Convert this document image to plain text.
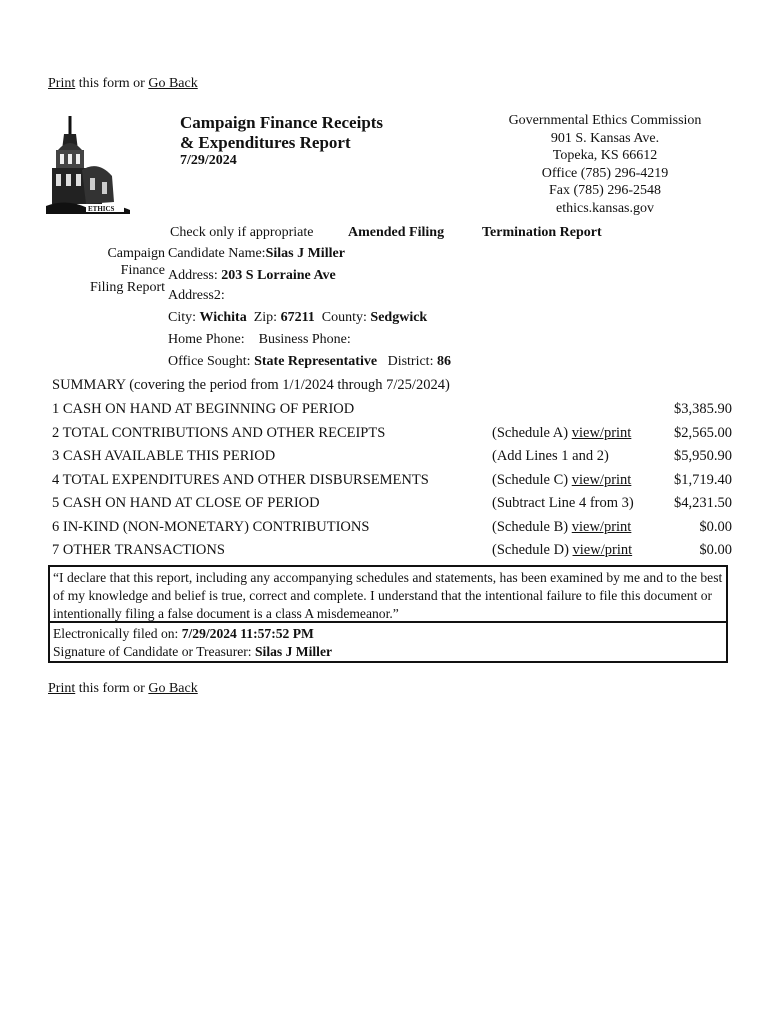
Print this form or Go Back
ETHICS
Campaign Finance Receipts
& Expenditures Report
7/29/2024
Governmental Ethics Commission
901 S. Kansas Ave.
Topeka, KS 66612
Office (785) 296-4219
Fax (785) 296-2548
ethics.kansas.gov
Check only if appropriate Amended Filing	Termination Report
Campaign
Finance
Filing Report
Candidate Name:Silas J Miller
Address: 203 S Lorraine Ave
Address2:
City: Wichita Zip: 67211 County: Sedgwick
Home Phone: Business Phone:
Office Sought: State Representative District: 86
SUMMARY (covering the period from 1/1/2024 through 7/25/2024)
1 CASH ON HAND AT BEGINNING OF PERIOD	$3,385.90
2 TOTAL CONTRIBUTIONS AND OTHER RECEIPTS	(Schedule A) view/print	$2,565.00
3 CASH AVAILABLE THIS PERIOD	(Add Lines 1 and 2)	$5,950.90
4 TOTAL EXPENDITURES AND OTHER DISBURSEMENTS	(Schedule C) view/print	$1,719.40
5 CASH ON HAND AT CLOSE OF PERIOD	(Subtract Line 4 from 3)	$4,231.50
6 IN-KIND (NON-MONETARY) CONTRIBUTIONS	(Schedule B) view/print	$0.00
7 OTHER TRANSACTIONS	(Schedule D) view/print	$0.00
“I declare that this report, including any accompanying schedules and statements, has been examined by me and to the best of my knowledge and belief is true, correct and complete. I understand that the intentional failure to file this document or intentionally filing a false document is a class A misdemeanor.”
Electronically filed on: 7/29/2024 11:57:52 PM
Signature of Candidate or Treasurer: Silas J Miller
Print this form or Go Back
